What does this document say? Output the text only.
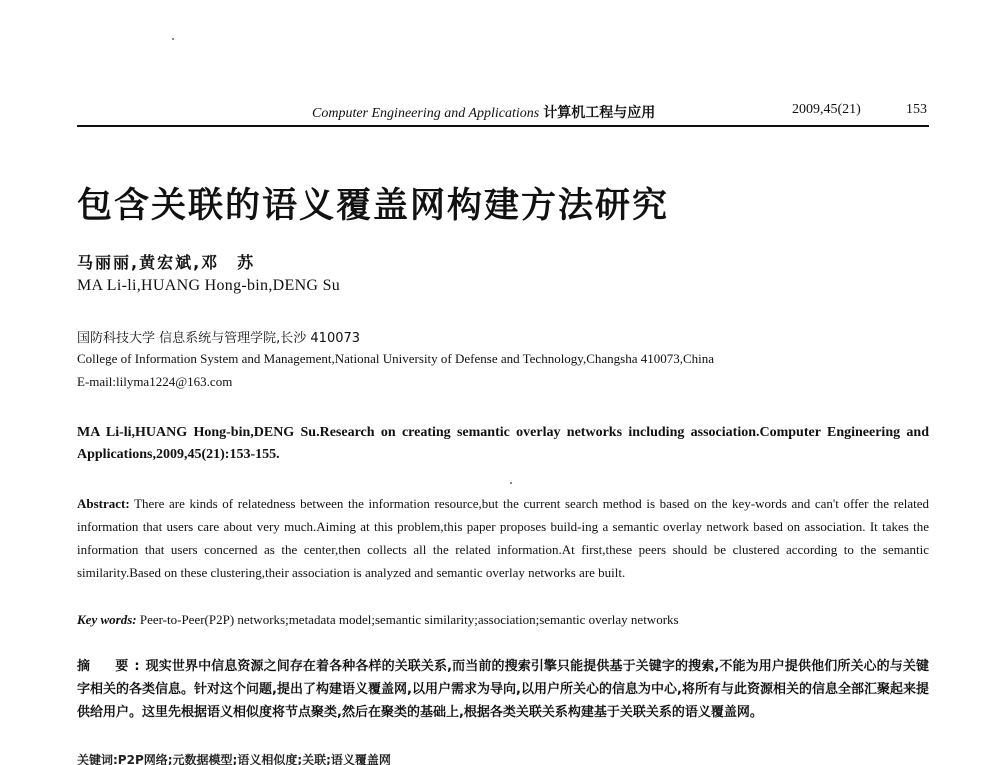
Computer Engineering and Applications 计算机工程与应用	2009,45(21)	153
包含关联的语义覆盖网构建方法研究
马丽丽,黄宏斌,邓　苏
MA Li-li,HUANG Hong-bin,DENG Su
国防科技大学 信息系统与管理学院,长沙 410073
College of Information System and Management,National University of Defense and Technology,Changsha 410073,China
E-mail:lilyma1224@163.com
MA Li-li,HUANG Hong-bin,DENG Su.Research on creating semantic overlay networks including association.Computer Engineering and Applications,2009,45(21):153-155.
Abstract: There are kinds of relatedness between the information resource,but the current search method is based on the key-words and can't offer the related information that users care about very much.Aiming at this problem,this paper proposes build-ing a semantic overlay network based on association. It takes the information that users concerned as the center,then collects all the related information.At first,these peers should be clustered according to the semantic similarity.Based on these clustering,their association is analyzed and semantic overlay networks are built.
Key words: Peer-to-Peer(P2P) networks;metadata model;semantic similarity;association;semantic overlay networks
摘　要:现实世界中信息资源之间存在着各种各样的关联关系,而当前的搜索引擎只能提供基于关键字的搜索,不能为用户提供他们所关心的与关键字相关的各类信息。针对这个问题,提出了构建语义覆盖网,以用户需求为导向,以用户所关心的信息为中心,将所有与此资源相关的信息全部汇聚起来提供给用户。这里先根据语义相似度将节点聚类,然后在聚类的基础上,根据各类关联关系构建基于关联关系的语义覆盖网。
关键词:P2P网络;元数据模型;语义相似度;关联;语义覆盖网
